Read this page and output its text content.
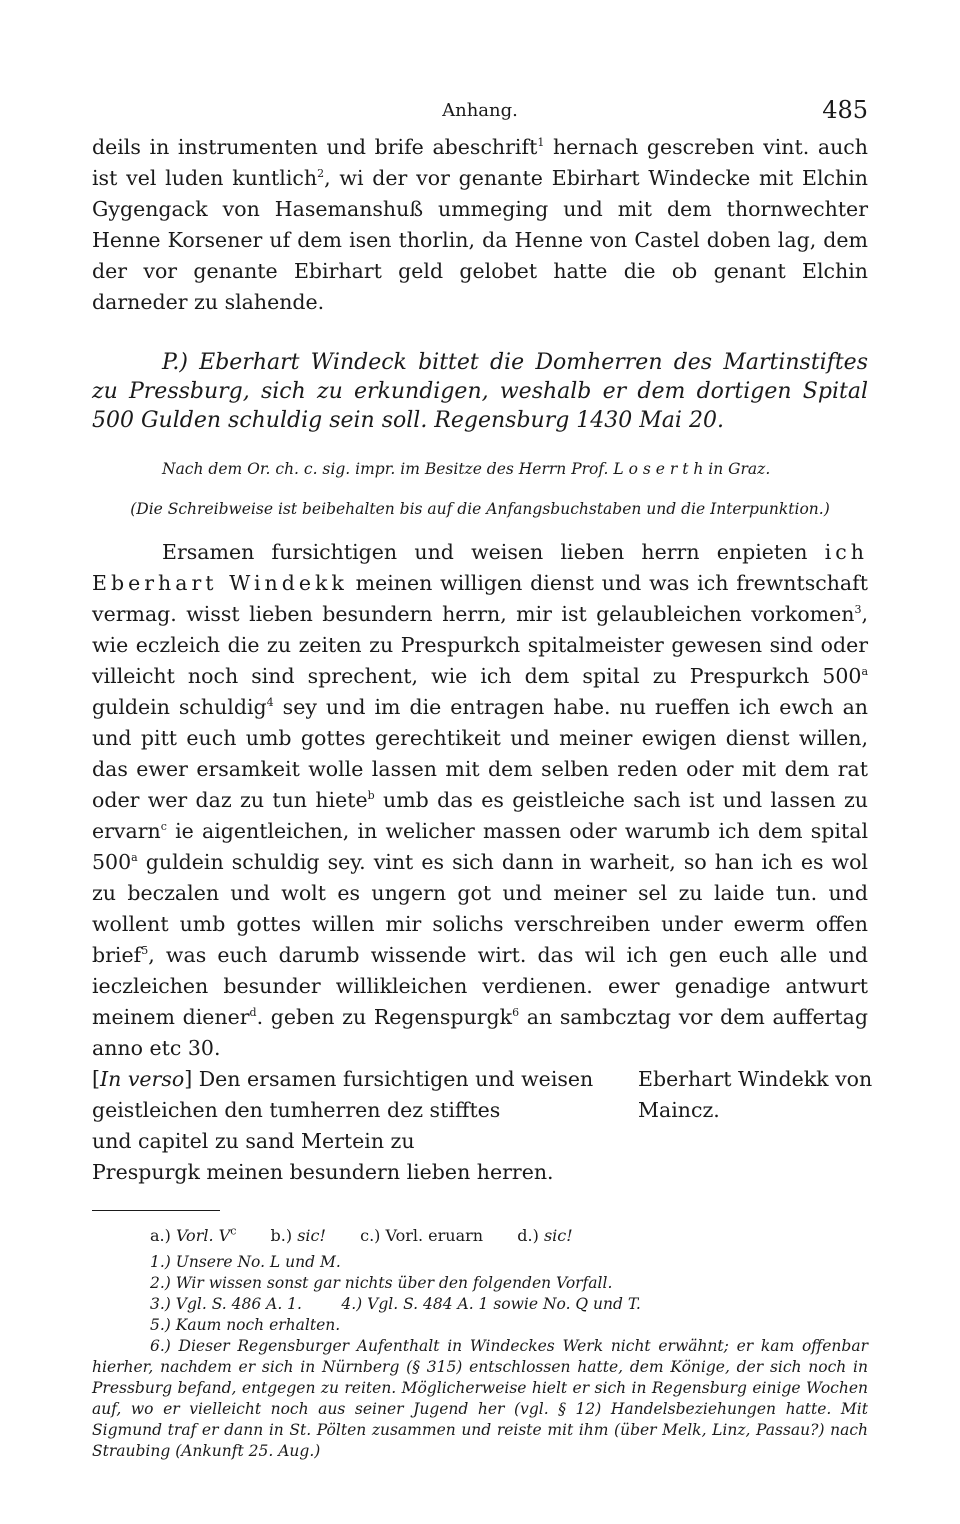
Anhang.	485

deils in instrumenten und brife abeschrift$^1$ hernach gescreben vint. auch ist vel luden kuntlich$^2$, wi der vor genante Ebirhart Windecke mit Elchin Gygengack von Hasemanshuß ummeging und mit dem thornwechter Henne Korsener uf dem isen thorlin, da Henne von Castel doben lag, dem der vor genante Ebirhart geld gelobet hatte die ob genant Elchin darneder zu slahende.

P.) Eberhart Windeck bittet die Domherren des Martinstiftes zu Pressburg, sich zu erkundigen, weshalb er dem dortigen Spital 500 Gulden schuldig sein soll. Regensburg 1430 Mai 20.

Nach dem Or. ch. c. sig. impr. im Besitze des Herrn Prof. L o s e r t h in Graz.

(Die Schreibweise ist beibehalten bis auf die Anfangsbuchstaben und die Interpunktion.)

Ersamen fursichtigen und weisen lieben herrn enpieten ich Eberhart Windekk meinen willigen dienst und was ich frewntschaft vermag. wisst lieben besundern herrn, mir ist gelaubleichen vorkomen$^3$, wie eczleich die zu zeiten zu Prespurkch spitalmeister gewesen sind oder villeicht noch sind sprechent, wie ich dem spital zu Prespurkch 500$^a$ guldein schuldig$^4$ sey und im die entragen habe. nu rueffen ich ewch an und pitt euch umb gottes gerechtikeit und meiner ewigen dienst willen, das ewer ersamkeit wolle lassen mit dem selben reden oder mit dem rat oder wer daz zu tun hiete$^b$ umb das es geistleiche sach ist und lassen zu ervarn$^c$ ie aigentleichen, in welicher massen oder warumb ich dem spital 500$^a$ guldein schuldig sey. vint es sich dann in warheit, so han ich es wol zu beczalen und wolt es ungern got und meiner sel zu laide tun. und wollent umb gottes willen mir solichs verschreiben under ewerm offen brief$^5$, was euch darumb wissende wirt. das wil ich gen euch alle und ieczleichen besunder willikleichen verdienen. ewer genadige antwurt meinem diener$^d$. geben zu Regenspurgk$^6$ an sambcztag vor dem auffertag anno etc 30.

[In verso] Den ersamen fursichtigen und weisen
geistleichen den tumherren dez stifftes
und capitel zu sand Mertein zu
Prespurgk meinen besundern lieben herren.
Eberhart Windekk von
Maincz.

a.) Vorl. $V^c$ b.) sic! c.) Vorl. eruarn d.) sic!

1.) Unsere No. L und M.

2.) Wir wissen sonst gar nichts über den folgenden Vorfall.

3.) Vgl. S. 486 A. 1.        4.) Vgl. S. 484 A. 1 sowie No. Q und T.

5.) Kaum noch erhalten.

6.) Dieser Regensburger Aufenthalt in Windeckes Werk nicht erwähnt; er kam offenbar hierher, nachdem er sich in Nürnberg (§ 315) entschlossen hatte, dem Könige, der sich noch in Pressburg befand, entgegen zu reiten. Möglicherweise hielt er sich in Regensburg einige Wochen auf, wo er vielleicht noch aus seiner Jugend her (vgl. § 12) Handelsbeziehungen hatte. Mit Sigmund traf er dann in St. Pölten zusammen und reiste mit ihm (über Melk, Linz, Passau?) nach Straubing (Ankunft 25. Aug.)
